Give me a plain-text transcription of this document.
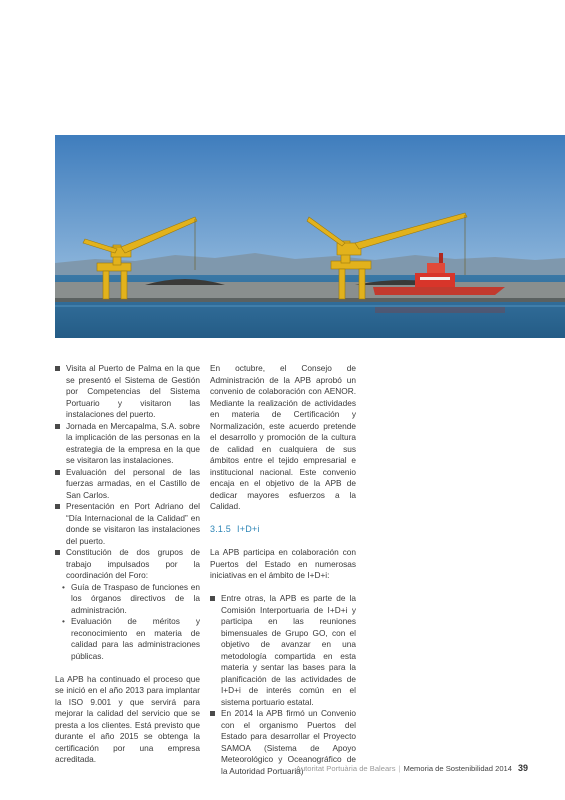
Visita al Puerto de Palma en la que se presentó el Sistema de Gestión por Competencias del Sistema Portuario y visitaron las instalaciones del puerto.
Jornada en Mercapalma, S.A. sobre la implicación de las personas en la estrategia de la empresa en la que se visitaron las instalaciones.
Evaluación del personal de las fuerzas armadas, en el Castillo de San Carlos.
Presentación en Port Adriano del “Día Internacional de la Calidad” en donde se visitaron las instalaciones del puerto.
Constitución de dos grupos de trabajo impulsados por la coordinación del Foro:
• Guía de Traspaso de funciones en los órganos directivos de la administración.
• Evaluación de méritos y reconocimiento en materia de calidad para las administraciones públicas.

La APB ha continuado el proceso que se inició en el año 2013 para implantar la ISO 9.001 y que servirá para mejorar la calidad del servicio que se presta a los clientes. Está previsto que durante el año 2015 se obtenga la certificación por una empresa acreditada.

En octubre, el Consejo de Administración de la APB aprobó un convenio de colaboración con AENOR. Mediante la realización de actividades en materia de Certificación y Normalización, este acuerdo pretende el desarrollo y promoción de la cultura de calidad en cualquiera de sus ámbitos entre el tejido empresarial e institucional nacional. Este convenio encaja en el objetivo de la APB de dedicar mayores esfuerzos a la Calidad.

3.1.5 I+D+i

La APB participa en colaboración con Puertos del Estado en numerosas iniciativas en el ámbito de I+D+i:

Entre otras, la APB es parte de la Comisión Interportuaria de I+D+i y participa en las reuniones bimensuales de Grupo GO, con el objetivo de avanzar en una metodología compartida en esta materia y sentar las bases para la planificación de las actividades de I+D+i de interés común en el sistema portuario estatal.
En 2014 la APB firmó un Convenio con el organismo Puertos del Estado para desarrollar el Proyecto SAMOA (Sistema de Apoyo Meteorológico y Oceanográfico de la Autoridad Portuaria)
Autoritat Portuària de Balears | Memoria de Sostenibilidad 2014 39
